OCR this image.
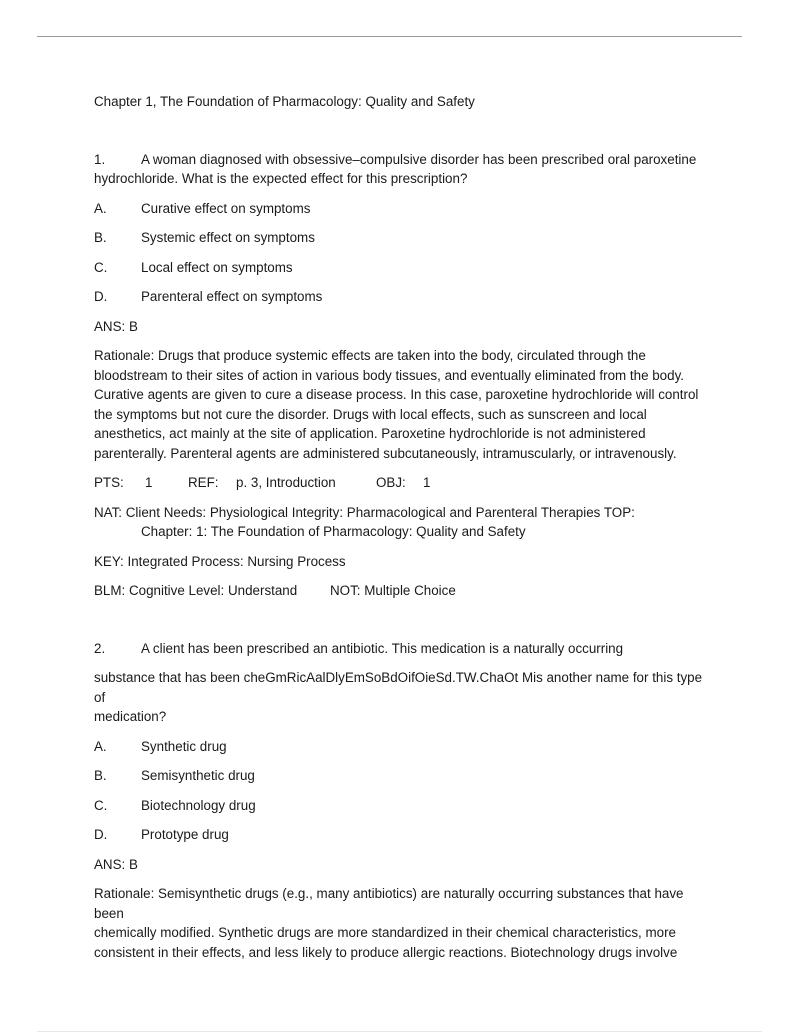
Chapter 1, The Foundation of Pharmacology: Quality and Safety
1.	A woman diagnosed with obsessive–compulsive disorder has been prescribed oral paroxetine
hydrochloride. What is the expected effect for this prescription?
A.	Curative effect on symptoms
B.	Systemic effect on symptoms
C.	Local effect on symptoms
D.	Parenteral effect on symptoms
ANS: B
Rationale: Drugs that produce systemic effects are taken into the body, circulated through the
bloodstream to their sites of action in various body tissues, and eventually eliminated from the body.
Curative agents are given to cure a disease process. In this case, paroxetine hydrochloride will control
the symptoms but not cure the disorder. Drugs with local effects, such as sunscreen and local
anesthetics, act mainly at the site of application. Paroxetine hydrochloride is not administered
parenterally. Parenteral agents are administered subcutaneously, intramuscularly, or intravenously.
PTS: 1	REF: p. 3, Introduction	OBJ: 1
NAT: Client Needs: Physiological Integrity: Pharmacological and Parenteral Therapies TOP:
Chapter: 1: The Foundation of Pharmacology: Quality and Safety
KEY: Integrated Process: Nursing Process
BLM: Cognitive Level: Understand NOT: Multiple Choice
2.	A client has been prescribed an antibiotic. This medication is a naturally occurring
substance that has been cheGmRicAalDlyEmSoBdOifOieSd.TW.ChaOt Mis another name for this type of
medication?
A.	Synthetic drug
B.	Semisynthetic drug
C.	Biotechnology drug
D.	Prototype drug
ANS: B
Rationale: Semisynthetic drugs (e.g., many antibiotics) are naturally occurring substances that have been
chemically modified. Synthetic drugs are more standardized in their chemical characteristics, more
consistent in their effects, and less likely to produce allergic reactions. Biotechnology drugs involve
